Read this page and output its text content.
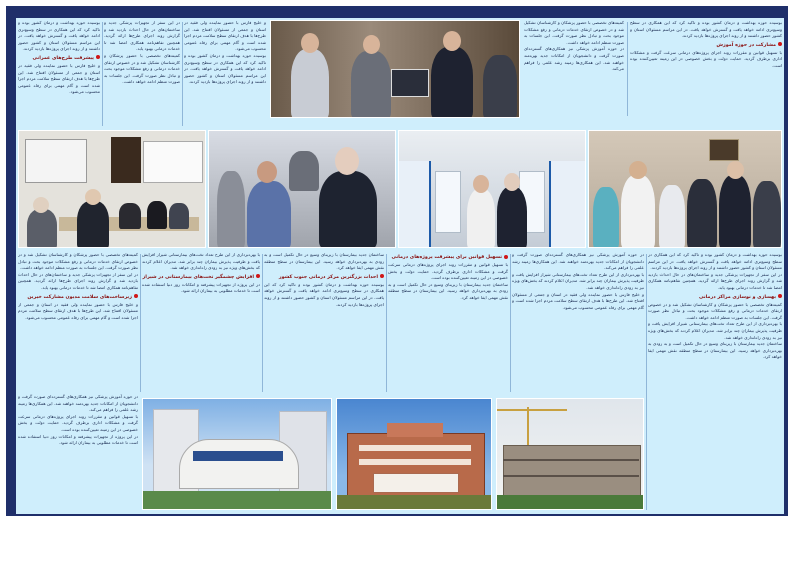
بوسیده حوزه بهداشت و درمان کشور بوده و تاکید کرد که این همکاری در سطح وسیع‌تری ادامه خواهد یافت و گسترش خواهد یافت. در این مراسم مسئولان استان و کشور حضور داشتند و از روند اجرای پروژه‌ها بازدید کردند.

پیشرفت طرح‌های عمرانی

و خلیج فارس با حضور نماینده ولی فقیه در استان و جمعی از مسئولان افتتاح شد. این طرح‌ها با هدف ارتقای سطح سلامت مردم اجرا شده است و گام مهمی برای رفاه عمومی محسوب می‌شود.

در این سفر از تجهیزات پزشکی جدید و ساختمان‌های در حال احداث بازدید شد و گزارش روند اجرای طرح‌ها ارائه گردید. همچنین تفاهم‌نامه همکاری امضا شد تا خدمات درمانی بهبود یابد.

کمیته‌های تخصصی با حضور پزشکان و کارشناسان تشکیل شد و در خصوص ارتقای خدمات درمانی و رفع مشکلات موجود بحث و تبادل نظر صورت گرفت. این جلسات به صورت منظم ادامه خواهد داشت.

و خلیج فارس با حضور نماینده ولی فقیه در استان و جمعی از مسئولان افتتاح شد. این طرح‌ها با هدف ارتقای سطح سلامت مردم اجرا شده است و گام مهمی برای رفاه عمومی محسوب می‌شود.

بوسیده حوزه بهداشت و درمان کشور بوده و تاکید کرد که این همکاری در سطح وسیع‌تری ادامه خواهد یافت و گسترش خواهد یافت. در این مراسم مسئولان استان و کشور حضور داشتند و از روند اجرای پروژه‌ها بازدید کردند.

کمیته‌های تخصصی با حضور پزشکان و کارشناسان تشکیل شد و در خصوص ارتقای خدمات درمانی و رفع مشکلات موجود بحث و تبادل نظر صورت گرفت. این جلسات به صورت منظم ادامه خواهد داشت.

در حوزه آموزش پزشکی نیز همکاری‌های گسترده‌ای صورت گرفت و دانشجویان از امکانات جدید بهره‌مند خواهند شد. این همکاری‌ها زمینه رشد علمی را فراهم می‌کند.

بوسیده حوزه بهداشت و درمان کشور بوده و تاکید کرد که این همکاری در سطح وسیع‌تری ادامه خواهد یافت و گسترش خواهد یافت. در این مراسم مسئولان استان و کشور حضور داشتند و از روند اجرای پروژه‌ها بازدید کردند.

مشارکت در حوزه آموزش

با تسهیل قوانین و مقررات روند اجرای پروژه‌های درمانی سرعت گرفت و مشکلات اداری برطرف گردید. حمایت دولت و بخش خصوصی در این زمینه تعیین‌کننده بوده است.

کمیته‌های تخصصی با حضور پزشکان و کارشناسان تشکیل شد و در خصوص ارتقای خدمات درمانی و رفع مشکلات موجود بحث و تبادل نظر صورت گرفت. این جلسات به صورت منظم ادامه خواهد داشت.

در این سفر از تجهیزات پزشکی جدید و ساختمان‌های در حال احداث بازدید شد و گزارش روند اجرای طرح‌ها ارائه گردید. همچنین تفاهم‌نامه همکاری امضا شد تا خدمات درمانی بهبود یابد.

زیرساخت‌های سلامت مدیون مشارکت خیرین

و خلیج فارس با حضور نماینده ولی فقیه در استان و جمعی از مسئولان افتتاح شد. این طرح‌ها با هدف ارتقای سطح سلامت مردم اجرا شده است و گام مهمی برای رفاه عمومی محسوب می‌شود.

با بهره‌برداری از این طرح تعداد تخت‌های بیمارستانی شیراز افزایش یافت و ظرفیت پذیرش بیماران چند برابر شد. مدیران اعلام کردند که بخش‌های ویژه نیز به زودی راه‌اندازی خواهد شد.

افزایش چشمگیر تخت‌های بیمارستانی در شیراز

در این پروژه از تجهیزات پیشرفته و امکانات روز دنیا استفاده شده است تا خدمات مطلوبی به بیماران ارائه شود.

ساختمان جدید بیمارستان با زیربنای وسیع در حال تکمیل است و به زودی به بهره‌برداری خواهد رسید. این بیمارستان در سطح منطقه نقش مهمی ایفا خواهد کرد.

احداث بزرگترین مرکز درمانی جنوب کشور

بوسیده حوزه بهداشت و درمان کشور بوده و تاکید کرد که این همکاری در سطح وسیع‌تری ادامه خواهد یافت و گسترش خواهد یافت. در این مراسم مسئولان استان و کشور حضور داشتند و از روند اجرای پروژه‌ها بازدید کردند.

تسهیل قوانین برای پیشرفت پروژه‌های درمانی

با تسهیل قوانین و مقررات روند اجرای پروژه‌های درمانی سرعت گرفت و مشکلات اداری برطرف گردید. حمایت دولت و بخش خصوصی در این زمینه تعیین‌کننده بوده است.

ساختمان جدید بیمارستان با زیربنای وسیع در حال تکمیل است و به زودی به بهره‌برداری خواهد رسید. این بیمارستان در سطح منطقه نقش مهمی ایفا خواهد کرد.

در حوزه آموزش پزشکی نیز همکاری‌های گسترده‌ای صورت گرفت و دانشجویان از امکانات جدید بهره‌مند خواهند شد. این همکاری‌ها زمینه رشد علمی را فراهم می‌کند.

با بهره‌برداری از این طرح تعداد تخت‌های بیمارستانی شیراز افزایش یافت و ظرفیت پذیرش بیماران چند برابر شد. مدیران اعلام کردند که بخش‌های ویژه نیز به زودی راه‌اندازی خواهد شد.

و خلیج فارس با حضور نماینده ولی فقیه در استان و جمعی از مسئولان افتتاح شد. این طرح‌ها با هدف ارتقای سطح سلامت مردم اجرا شده است و گام مهمی برای رفاه عمومی محسوب می‌شود.

بوسیده حوزه بهداشت و درمان کشور بوده و تاکید کرد که این همکاری در سطح وسیع‌تری ادامه خواهد یافت و گسترش خواهد یافت. در این مراسم مسئولان استان و کشور حضور داشتند و از روند اجرای پروژه‌ها بازدید کردند.

در این سفر از تجهیزات پزشکی جدید و ساختمان‌های در حال احداث بازدید شد و گزارش روند اجرای طرح‌ها ارائه گردید. همچنین تفاهم‌نامه همکاری امضا شد تا خدمات درمانی بهبود یابد.

بهسازی و نوسازی مراکز درمانی

کمیته‌های تخصصی با حضور پزشکان و کارشناسان تشکیل شد و در خصوص ارتقای خدمات درمانی و رفع مشکلات موجود بحث و تبادل نظر صورت گرفت. این جلسات به صورت منظم ادامه خواهد داشت.

با بهره‌برداری از این طرح تعداد تخت‌های بیمارستانی شیراز افزایش یافت و ظرفیت پذیرش بیماران چند برابر شد. مدیران اعلام کردند که بخش‌های ویژه نیز به زودی راه‌اندازی خواهد شد.

ساختمان جدید بیمارستان با زیربنای وسیع در حال تکمیل است و به زودی به بهره‌برداری خواهد رسید. این بیمارستان در سطح منطقه نقش مهمی ایفا خواهد کرد.

در حوزه آموزش پزشکی نیز همکاری‌های گسترده‌ای صورت گرفت و دانشجویان از امکانات جدید بهره‌مند خواهند شد. این همکاری‌ها زمینه رشد علمی را فراهم می‌کند.

با تسهیل قوانین و مقررات روند اجرای پروژه‌های درمانی سرعت گرفت و مشکلات اداری برطرف گردید. حمایت دولت و بخش خصوصی در این زمینه تعیین‌کننده بوده است.

در این پروژه از تجهیزات پیشرفته و امکانات روز دنیا استفاده شده است تا خدمات مطلوبی به بیماران ارائه شود.
